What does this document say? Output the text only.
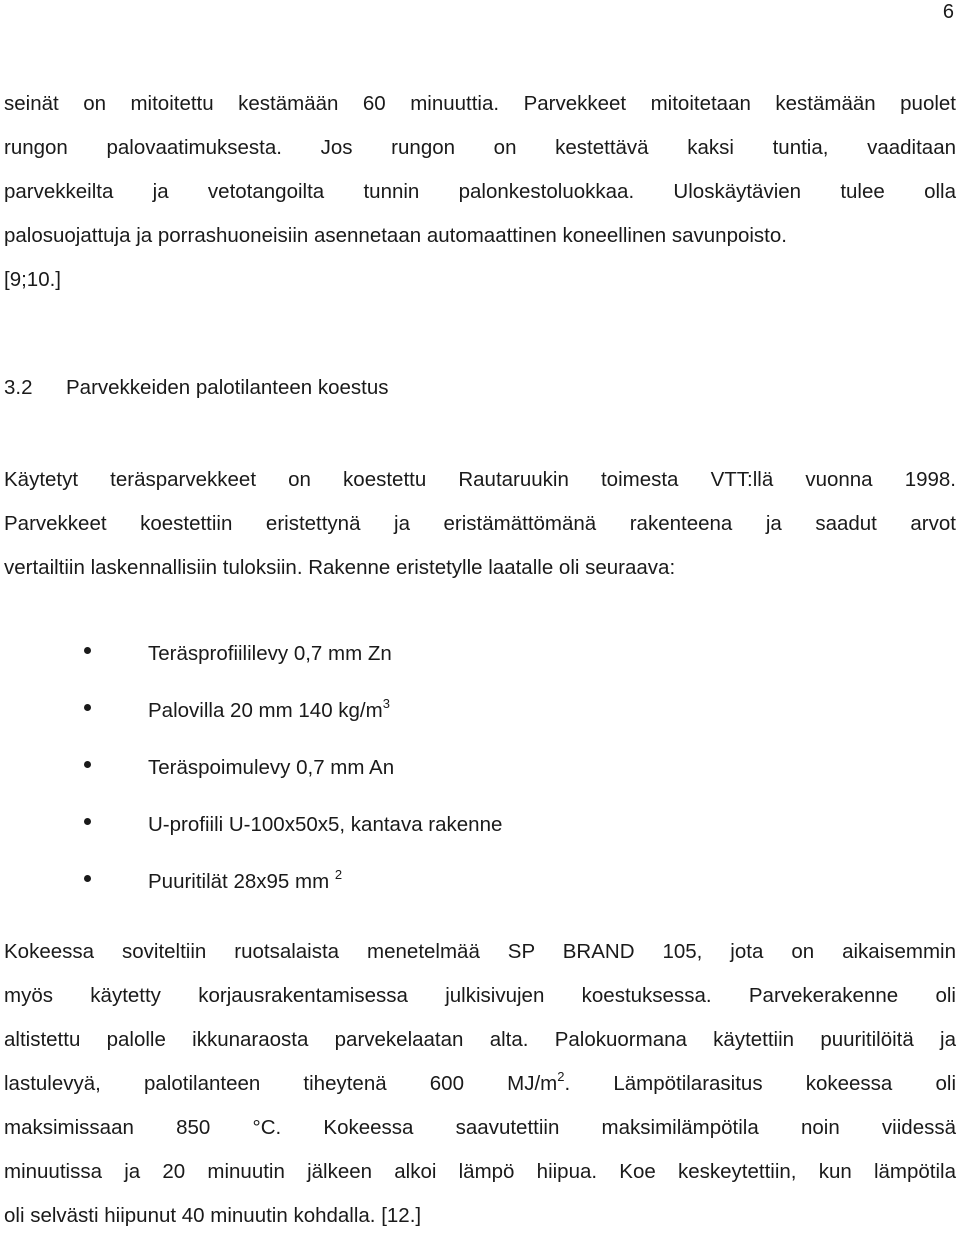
6
seinät on mitoitettu kestämään 60 minuuttia. Parvekkeet mitoitetaan kestämään puolet
rungon palovaatimuksesta. Jos rungon on kestettävä kaksi tuntia, vaaditaan
parvekkeilta ja vetotangoilta tunnin palonkestoluokkaa. Uloskäytävien tulee olla
palosuojattuja ja porrashuoneisiin asennetaan automaattinen koneellinen savunpoisto.
[9;10.]
3.2 Parvekkeiden palotilanteen koestus
Käytetyt teräsparvekkeet on koestettu Rautaruukin toimesta VTT:llä vuonna 1998.
Parvekkeet koestettiin eristettynä ja eristämättömänä rakenteena ja saadut arvot
vertailtiin laskennallisiin tuloksiin. Rakenne eristetylle laatalle oli seuraava:
Teräsprofiililevy 0,7 mm Zn
Palovilla 20 mm 140 $kg/m^3$
Teräspoimulevy 0,7 mm An
U-profiili U-100x50x5, kantava rakenne
Puuritilät 28x95 mm $^2$
Kokeessa soviteltiin ruotsalaista menetelmää SP BRAND 105, jota on aikaisemmin
myös käytetty korjausrakentamisessa julkisivujen koestuksessa. Parvekerakenne oli
altistettu palolle ikkunaraosta parvekelaatan alta. Palokuormana käytettiin puuritilöitä ja
lastulevyä, palotilanteen tiheytenä 600 $MJ/m^2$. Lämpötilarasitus kokeessa oli
maksimissaan 850 °C. Kokeessa saavutettiin maksimilämpötila noin viidessä
minuutissa ja 20 minuutin jälkeen alkoi lämpö hiipua. Koe keskeytettiin, kun lämpötila
oli selvästi hiipunut 40 minuutin kohdalla. [12.]
